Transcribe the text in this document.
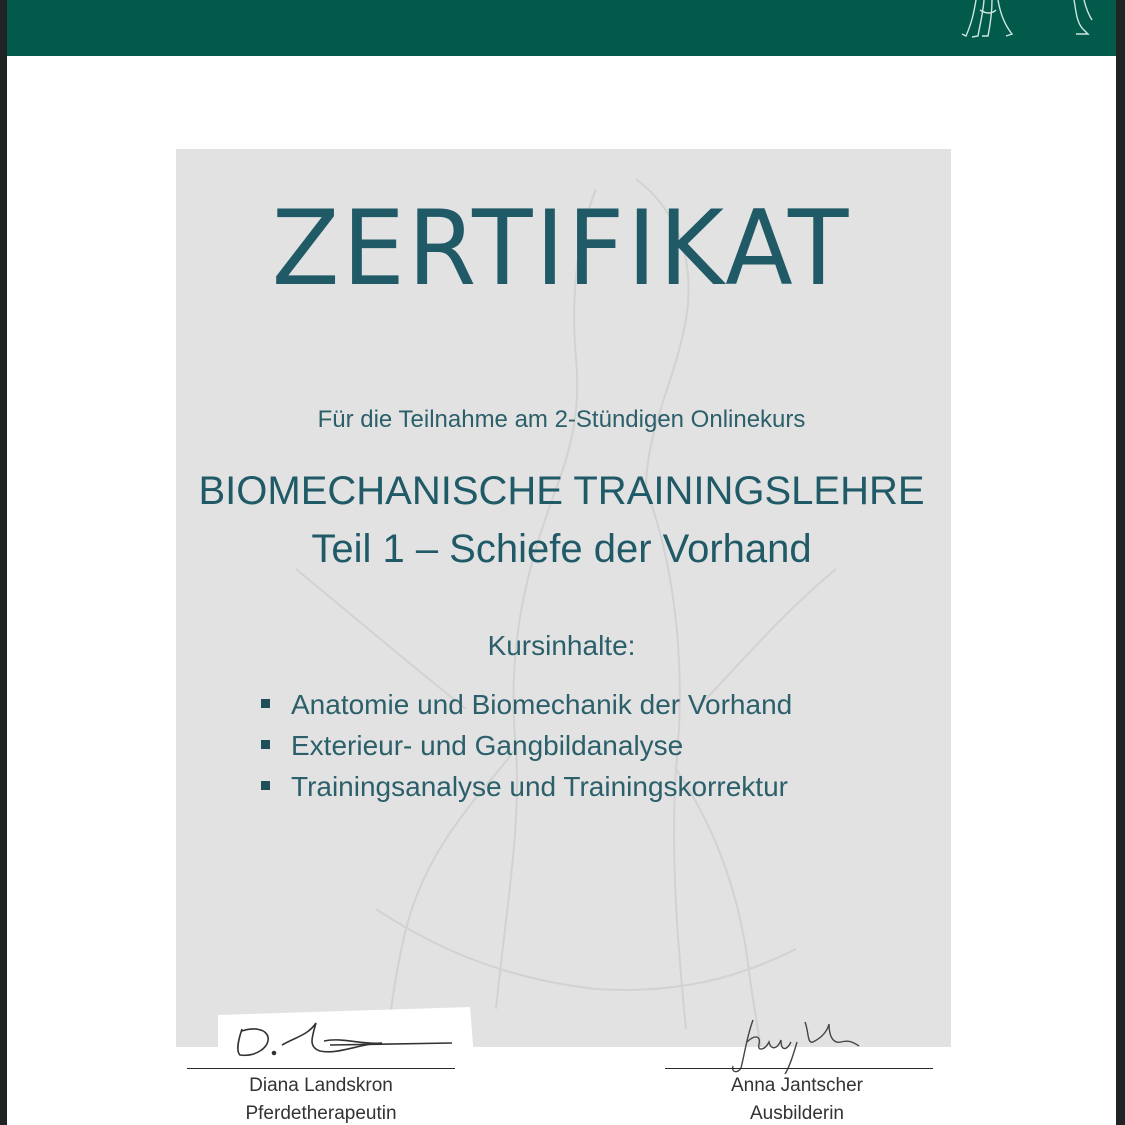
ZERTIFIKAT
Für die Teilnahme am 2-Stündigen Onlinekurs
BIOMECHANISCHE TRAININGSLEHRE
Teil 1 – Schiefe der Vorhand
Kursinhalte:
Anatomie und Biomechanik der Vorhand
Exterieur- und Gangbildanalyse
Trainingsanalyse und Trainingskorrektur
Diana Landskron
Pferdetherapeutin
Anna Jantscher
Ausbilderin
